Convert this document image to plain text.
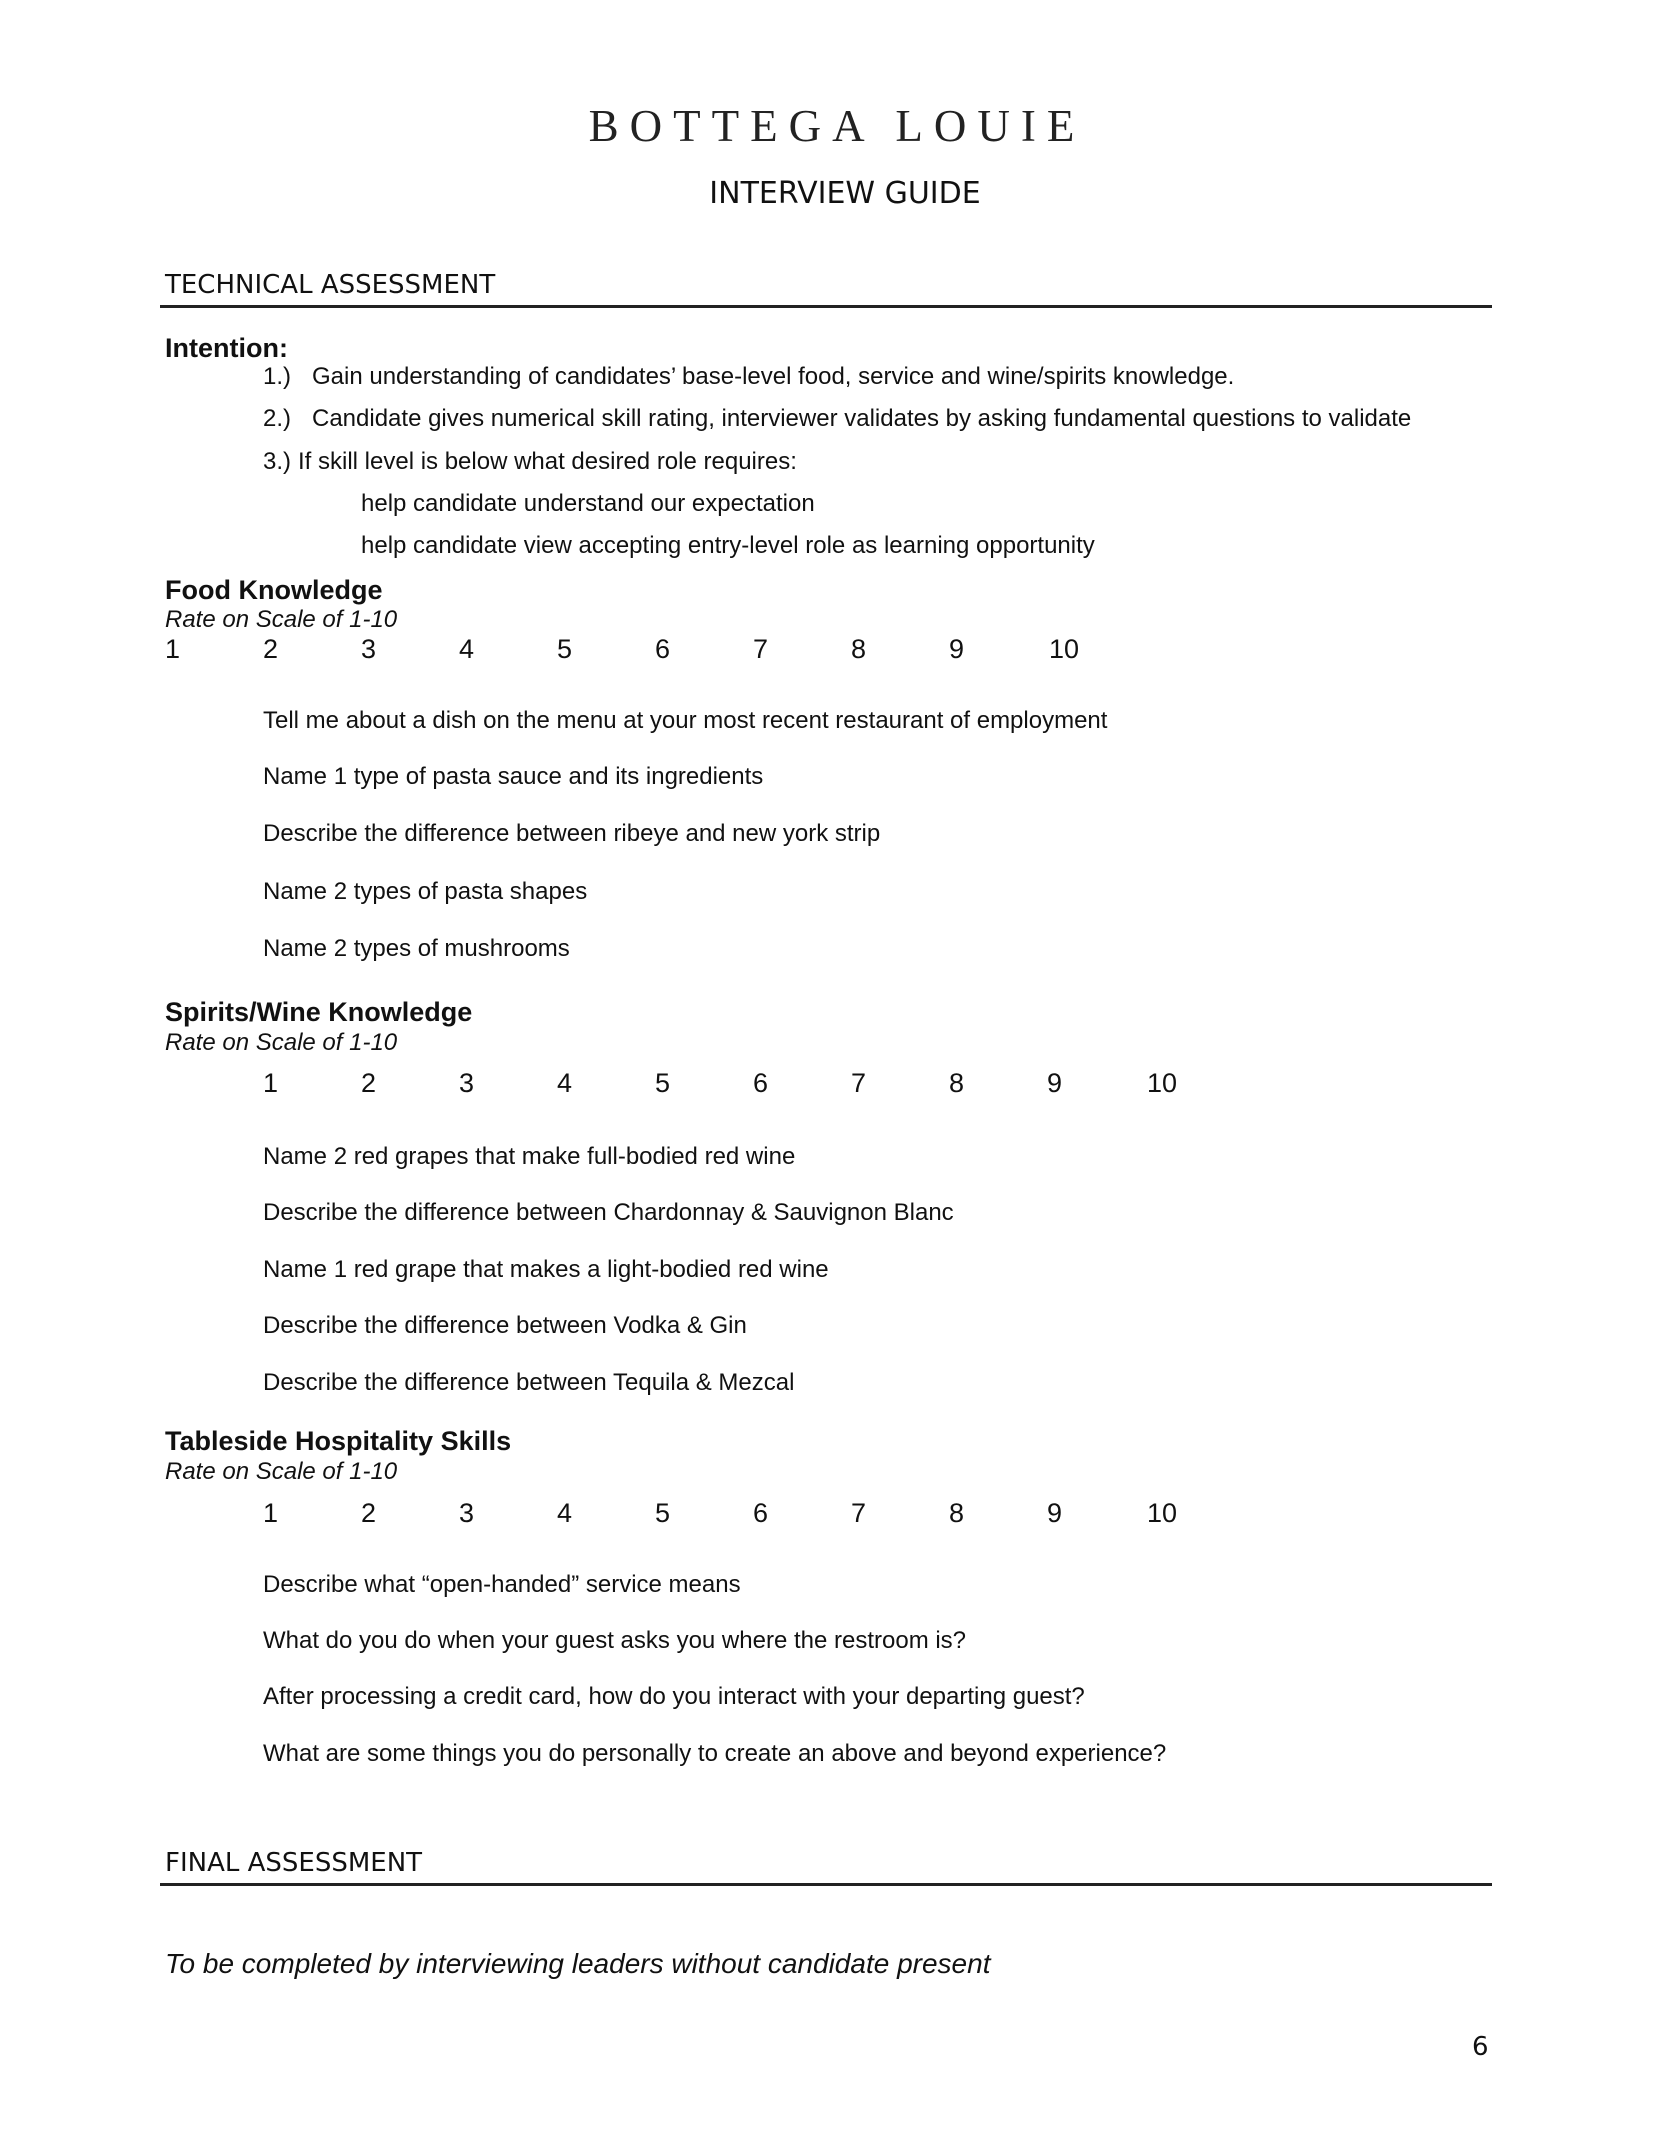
BOTTEGA LOUIE
INTERVIEW GUIDE
TECHNICAL ASSESSMENT
Intention:
1.) Gain understanding of candidates’ base-level food, service and wine/spirits knowledge.
2.) Candidate gives numerical skill rating, interviewer validates by asking fundamental questions to validate
3.) If skill level is below what desired role requires:
help candidate understand our expectation
help candidate view accepting entry-level role as learning opportunity
Food Knowledge
Rate on Scale of 1-10
1	2	3	4	5	6	7	8	9	10
Tell me about a dish on the menu at your most recent restaurant of employment
Name 1 type of pasta sauce and its ingredients
Describe the difference between ribeye and new york strip
Name 2 types of pasta shapes
Name 2 types of mushrooms
Spirits/Wine Knowledge
Rate on Scale of 1-10
1	2	3	4	5	6	7	8	9	10
Name 2 red grapes that make full-bodied red wine
Describe the difference between Chardonnay & Sauvignon Blanc
Name 1 red grape that makes a light-bodied red wine
Describe the difference between Vodka & Gin
Describe the difference between Tequila & Mezcal
Tableside Hospitality Skills
Rate on Scale of 1-10
1	2	3	4	5	6	7	8	9	10
Describe what “open-handed” service means
What do you do when your guest asks you where the restroom is?
After processing a credit card, how do you interact with your departing guest?
What are some things you do personally to create an above and beyond experience?
FINAL ASSESSMENT
To be completed by interviewing leaders without candidate present
6
